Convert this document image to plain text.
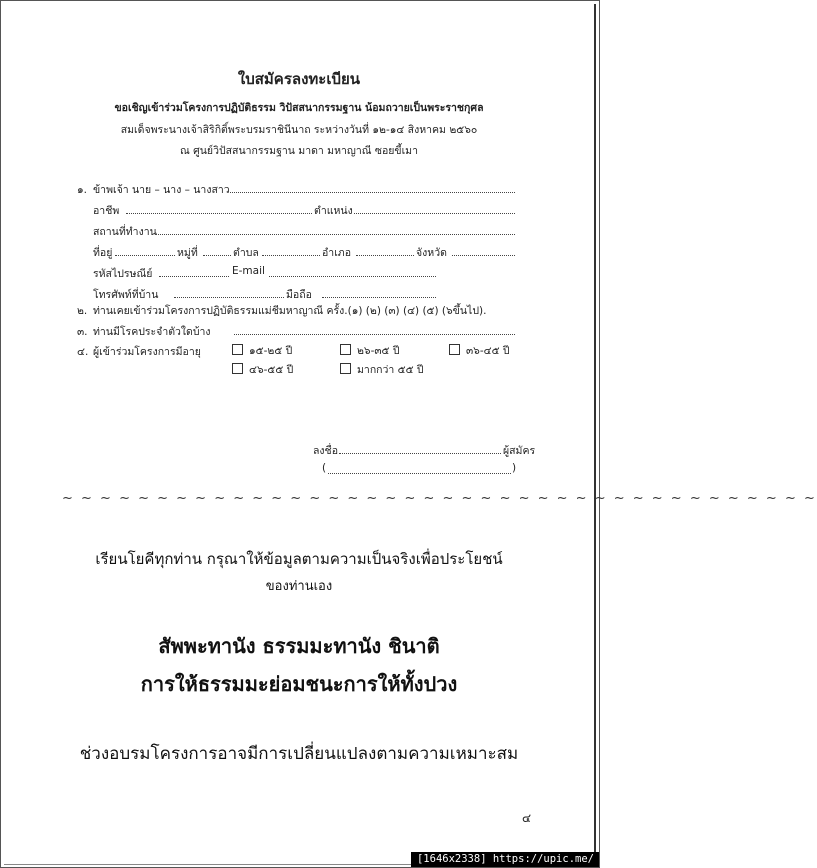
ใบสมัครลงทะเบียน
ขอเชิญเข้าร่วมโครงการปฏิบัติธรรม วิปัสสนากรรมฐาน น้อมถวายเป็นพระราชกุศล
สมเด็จพระนางเจ้าสิริกิติ์พระบรมราชินีนาถ ระหว่างวันที่ ๑๒-๑๔ สิงหาคม ๒๕๖๐
ณ ศูนย์วิปัสสนากรรมฐาน มาดา มหาญาณี ซอยขี้เมา
๑. ข้าพเจ้า นาย – นาง – นางสาว
อาชีพ	ตำแหน่ง
สถานที่ทำงาน
ที่อยู่	หมู่ที่	ตำบล	อำเภอ	จังหวัด
รหัสไปรษณีย์	E-mail
โทรศัพท์ที่บ้าน	มือถือ
๒. ท่านเคยเข้าร่วมโครงการปฏิบัติธรรมแม่ชีมหาญาณี ครั้ง.(๑) (๒) (๓) (๔) (๕) (๖ขึ้นไป).
๓. ท่านมีโรคประจำตัวใดบ้าง
๔. ผู้เข้าร่วมโครงการมีอายุ	๑๕-๒๕ ปี	๒๖-๓๕ ปี	๓๖-๔๕ ปี
๔๖-๕๕ ปี	มากกว่า ๕๕ ปี
ลงชื่อ	ผู้สมัคร
(	)
~ ~ ~ ~ ~ ~ ~ ~ ~ ~ ~ ~ ~ ~ ~ ~ ~ ~ ~ ~ ~ ~ ~ ~ ~ ~ ~ ~ ~ ~ ~ ~ ~ ~ ~ ~ ~ ~ ~ ~
เรียนโยคีทุกท่าน กรุณาให้ข้อมูลตามความเป็นจริงเพื่อประโยชน์
ของท่านเอง
สัพพะทานัง ธรรมมะทานัง ชินาติ
การให้ธรรมมะย่อมชนะการให้ทั้งปวง
ช่วงอบรมโครงการอาจมีการเปลี่ยนแปลงตามความเหมาะสม
๔
[1646x2338] https://upic.me/
